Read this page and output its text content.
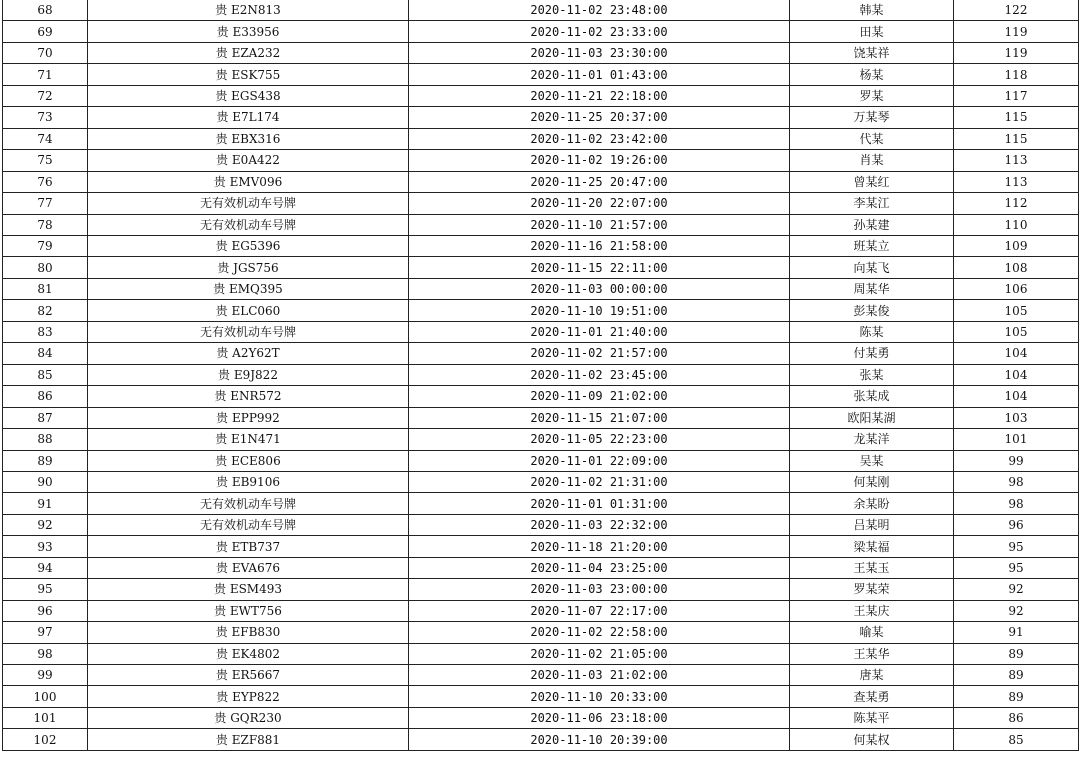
68	贵 E2N813	2020-11-02 23:48:00	韩某	122
69	贵 E33956	2020-11-02 23:33:00	田某	119
70	贵 EZA232	2020-11-03 23:30:00	饶某祥	119
71	贵 ESK755	2020-11-01 01:43:00	杨某	118
72	贵 EGS438	2020-11-21 22:18:00	罗某	117
73	贵 E7L174	2020-11-25 20:37:00	万某琴	115
74	贵 EBX316	2020-11-02 23:42:00	代某	115
75	贵 E0A422	2020-11-02 19:26:00	肖某	113
76	贵 EMV096	2020-11-25 20:47:00	曾某红	113
77	无有效机动车号牌	2020-11-20 22:07:00	李某江	112
78	无有效机动车号牌	2020-11-10 21:57:00	孙某建	110
79	贵 EG5396	2020-11-16 21:58:00	班某立	109
80	贵 JGS756	2020-11-15 22:11:00	向某飞	108
81	贵 EMQ395	2020-11-03 00:00:00	周某华	106
82	贵 ELC060	2020-11-10 19:51:00	彭某俊	105
83	无有效机动车号牌	2020-11-01 21:40:00	陈某	105
84	贵 A2Y62T	2020-11-02 21:57:00	付某勇	104
85	贵 E9J822	2020-11-02 23:45:00	张某	104
86	贵 ENR572	2020-11-09 21:02:00	张某成	104
87	贵 EPP992	2020-11-15 21:07:00	欧阳某湖	103
88	贵 E1N471	2020-11-05 22:23:00	龙某洋	101
89	贵 ECE806	2020-11-01 22:09:00	吴某	99
90	贵 EB9106	2020-11-02 21:31:00	何某刚	98
91	无有效机动车号牌	2020-11-01 01:31:00	余某盼	98
92	无有效机动车号牌	2020-11-03 22:32:00	吕某明	96
93	贵 ETB737	2020-11-18 21:20:00	梁某福	95
94	贵 EVA676	2020-11-04 23:25:00	王某玉	95
95	贵 ESM493	2020-11-03 23:00:00	罗某荣	92
96	贵 EWT756	2020-11-07 22:17:00	王某庆	92
97	贵 EFB830	2020-11-02 22:58:00	喻某	91
98	贵 EK4802	2020-11-02 21:05:00	王某华	89
99	贵 ER5667	2020-11-03 21:02:00	唐某	89
100	贵 EYP822	2020-11-10 20:33:00	查某勇	89
101	贵 GQR230	2020-11-06 23:18:00	陈某平	86
102	贵 EZF881	2020-11-10 20:39:00	何某权	85
